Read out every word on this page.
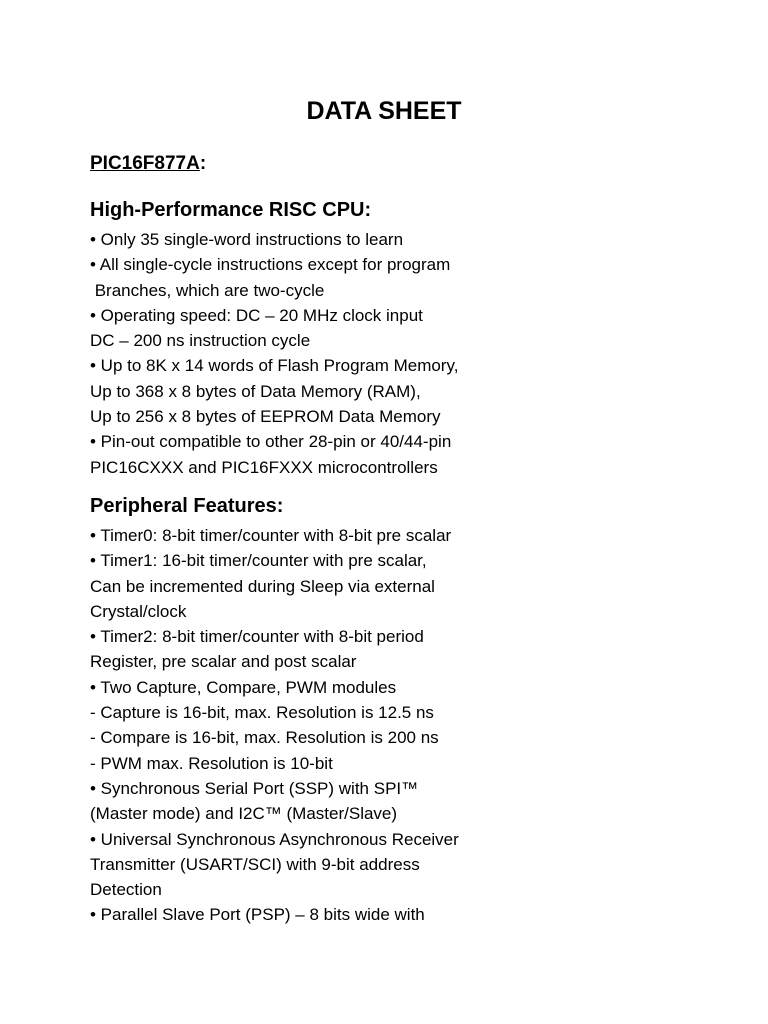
DATA SHEET
PIC16F877A:
High-Performance RISC CPU:
• Only 35 single-word instructions to learn
• All single-cycle instructions except for program
Branches, which are two-cycle
• Operating speed: DC – 20 MHz clock input
DC – 200 ns instruction cycle
• Up to 8K x 14 words of Flash Program Memory,
Up to 368 x 8 bytes of Data Memory (RAM),
Up to 256 x 8 bytes of EEPROM Data Memory
• Pin-out compatible to other 28-pin or 40/44-pin
PIC16CXXX and PIC16FXXX microcontrollers
Peripheral Features:
• Timer0: 8-bit timer/counter with 8-bit pre scalar
• Timer1: 16-bit timer/counter with pre scalar,
Can be incremented during Sleep via external
Crystal/clock
• Timer2: 8-bit timer/counter with 8-bit period
Register, pre scalar and post scalar
• Two Capture, Compare, PWM modules
- Capture is 16-bit, max. Resolution is 12.5 ns
- Compare is 16-bit, max. Resolution is 200 ns
- PWM max. Resolution is 10-bit
• Synchronous Serial Port (SSP) with SPI™
(Master mode) and I2C™ (Master/Slave)
• Universal Synchronous Asynchronous Receiver
Transmitter (USART/SCI) with 9-bit address
Detection
• Parallel Slave Port (PSP) – 8 bits wide with
